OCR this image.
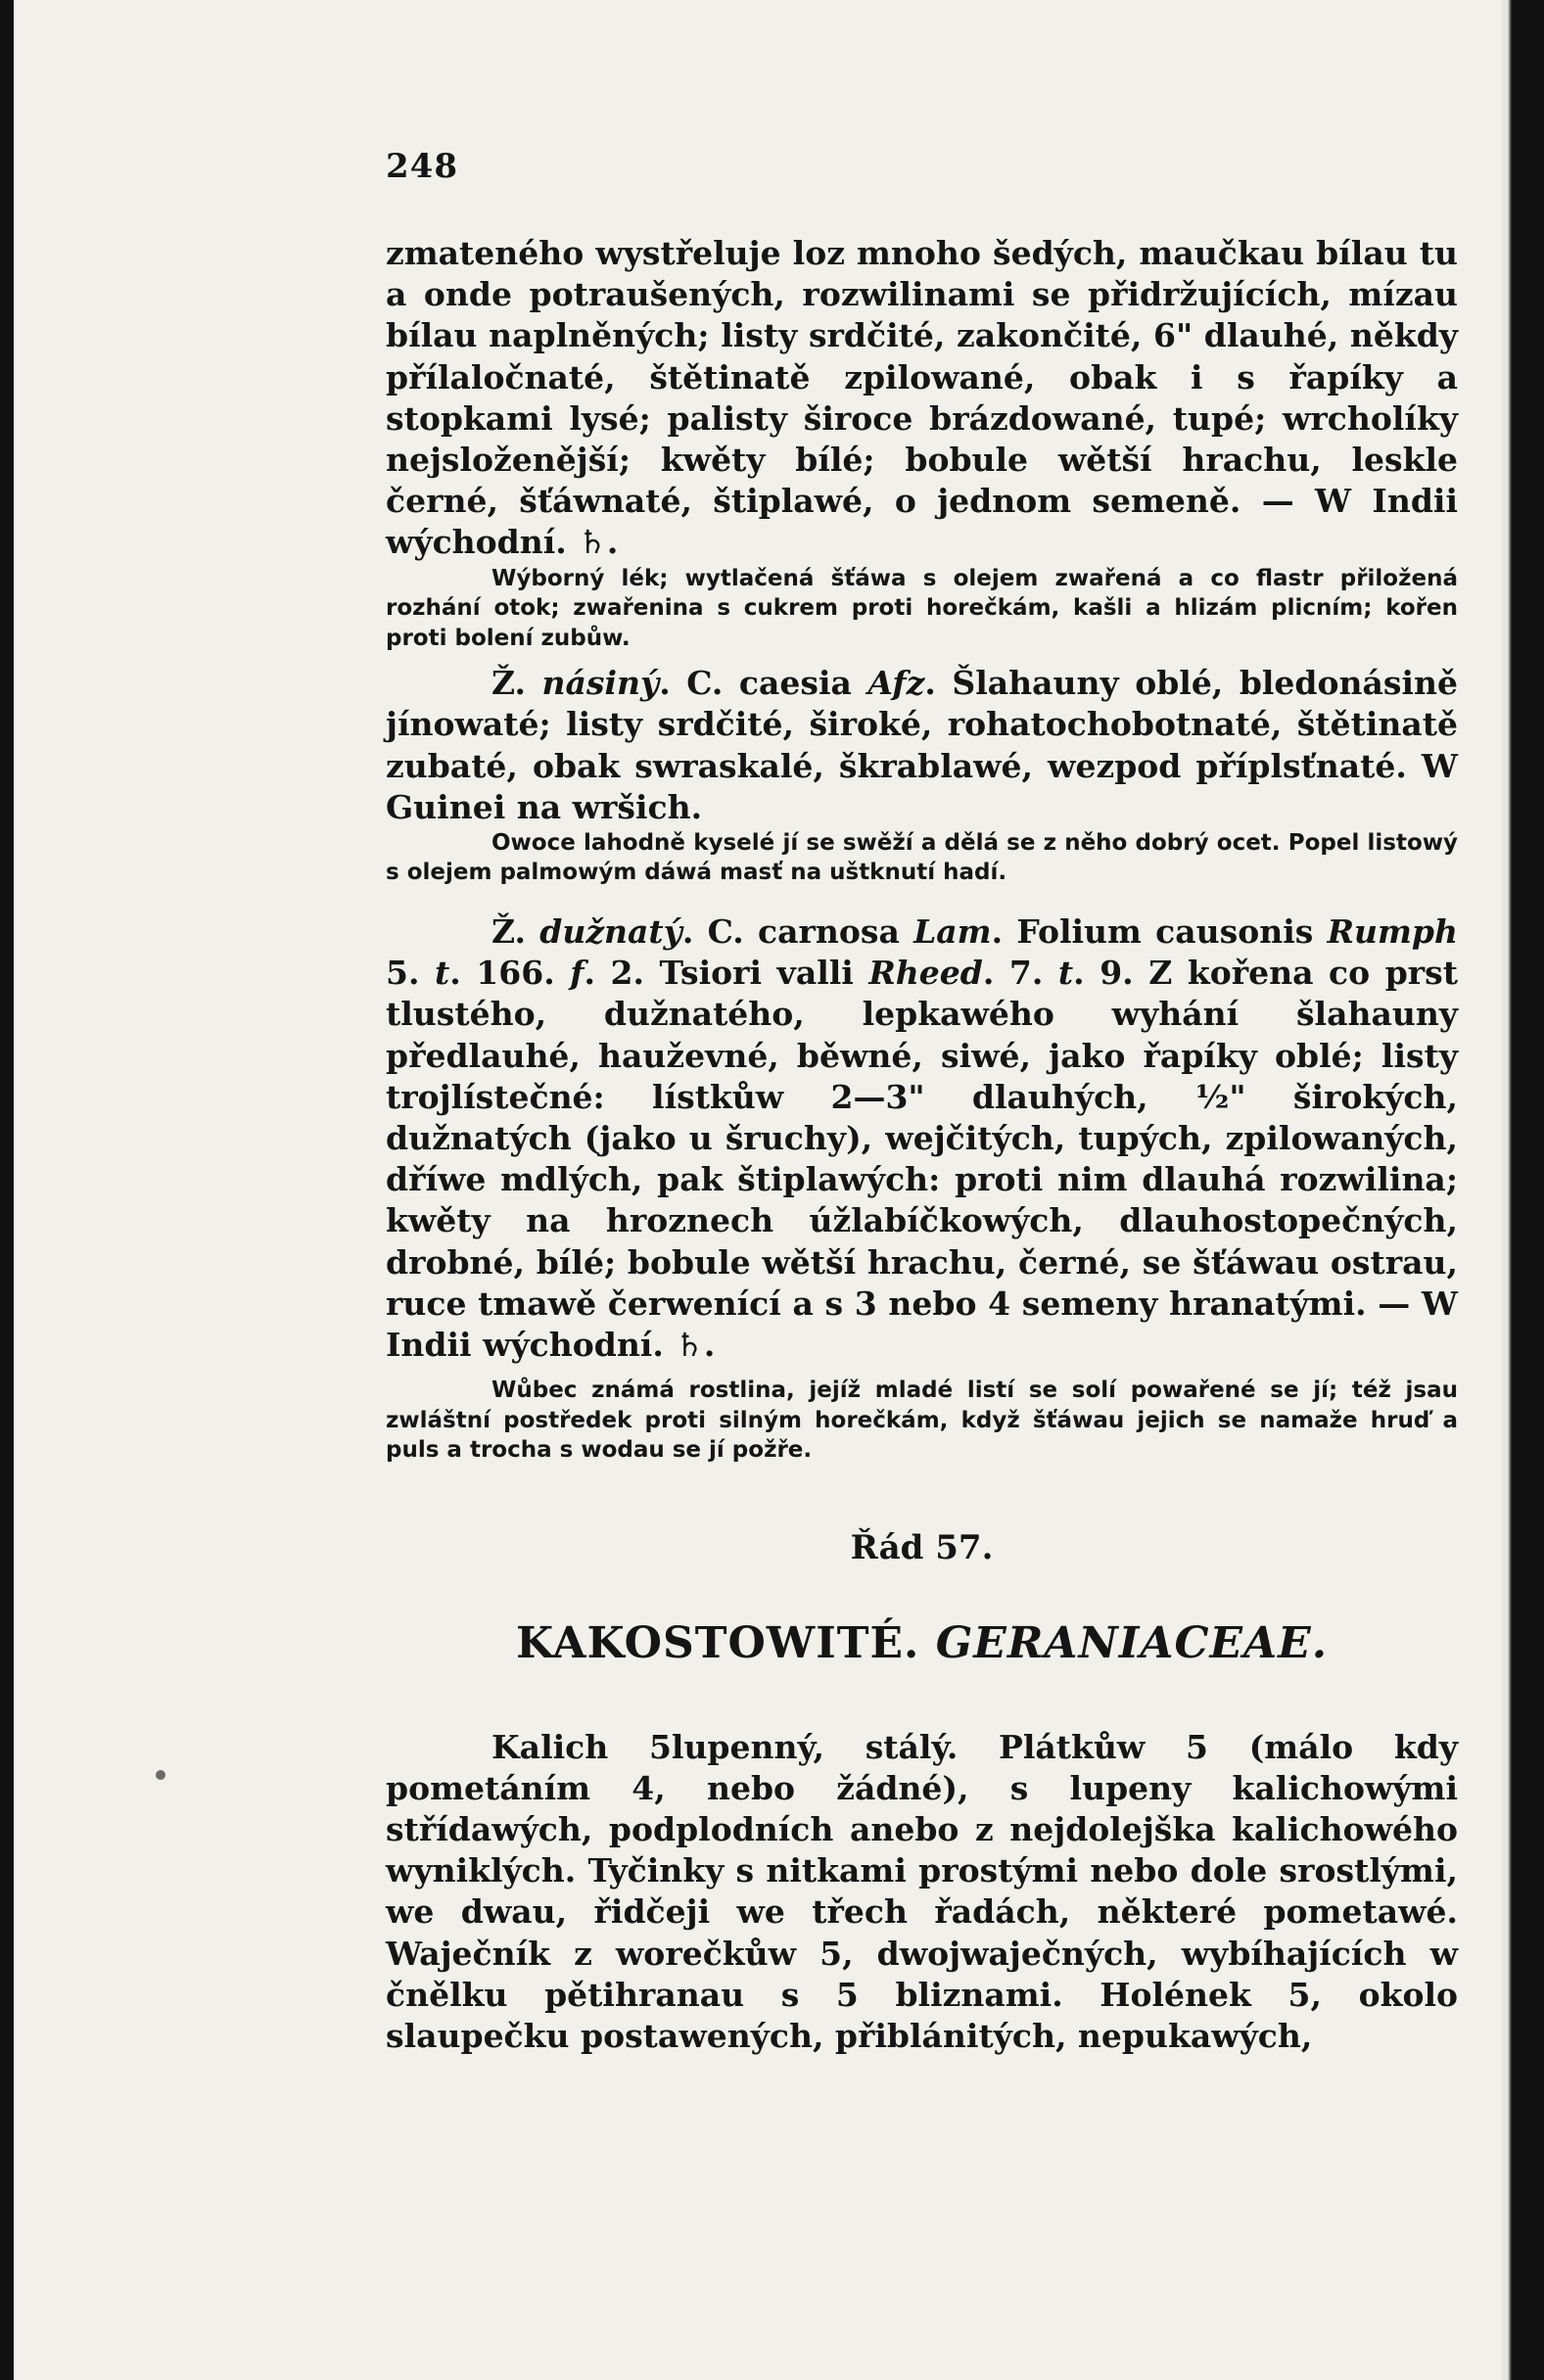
248

zmateného wystřeluje loz mnoho šedých, maučkau bílau tu a onde potraušených, rozwilinami se přidržujících, mízau bílau naplněných; listy srdčité, zakončité, 6" dlauhé, někdy přílaločnaté, štětinatě zpilowané, obak i s řapíky a stopkami lysé; palisty široce brázdowané, tupé; wrcholíky nejsloženější; kwěty bílé; bobule wětší hrachu, leskle černé, šťáwnaté, štiplawé, o jednom semeně. — W Indii wýchodní. ♄.

Wýborný lék; wytlačená šťáwa s olejem zwařená a co flastr přiložená rozhání otok; zwařenina s cukrem proti horečkám, kašli a hlizám plicním; kořen proti bolení zubůw.

Ž. násiný. C. caesia Afz. Šlahauny oblé, bledonásině jínowaté; listy srdčité, široké, rohatochobotnaté, štětinatě zubaté, obak swraskalé, škrablawé, wezpod příplsťnaté. W Guinei na wršich.

Owoce lahodně kyselé jí se swěží a dělá se z něho dobrý ocet. Popel listowý s olejem palmowým dáwá masť na uštknutí hadí.

Ž. dužnatý. C. carnosa Lam. Folium causonis Rumph 5. t. 166. f. 2. Tsiori valli Rheed. 7. t. 9. Z kořena co prst tlustého, dužnatého, lepkawého wyhání šlahauny předlauhé, hauževné, běwné, siwé, jako řapíky oblé; listy trojlístečné: lístkůw 2—3" dlauhých, ½" širokých, dužnatých (jako u šruchy), wejčitých, tupých, zpilowaných, dříwe mdlých, pak štiplawých: proti nim dlauhá rozwilina; kwěty na hroznech úžlabíčkowých, dlauhostopečných, drobné, bílé; bobule wětší hrachu, černé, se šťáwau ostrau, ruce tmawě čerwenící a s 3 nebo 4 semeny hranatými. — W Indii wýchodní. ♄.

Wůbec známá rostlina, jejíž mladé listí se solí powařené se jí; též jsau zwláštní postředek proti silným horečkám, když šťáwau jejich se namaže hruď a puls a trocha s wodau se jí požře.

Řád 57.

KAKOSTOWITÉ. GERANIACEAE.

Kalich 5lupenný, stálý. Plátkůw 5 (málo kdy pometáním 4, nebo žádné), s lupeny kalichowými střídawých, podplodních anebo z nejdolejška kalichowého wyniklých. Tyčinky s nitkami prostými nebo dole srostlými, we dwau, řidčeji we třech řadách, některé pometawé. Waječník z worečkůw 5, dwojwaječných, wybíhajících w čnělku pětihranau s 5 bliznami. Holének 5, okolo slaupečku postawených, přiblánitých, nepukawých,
